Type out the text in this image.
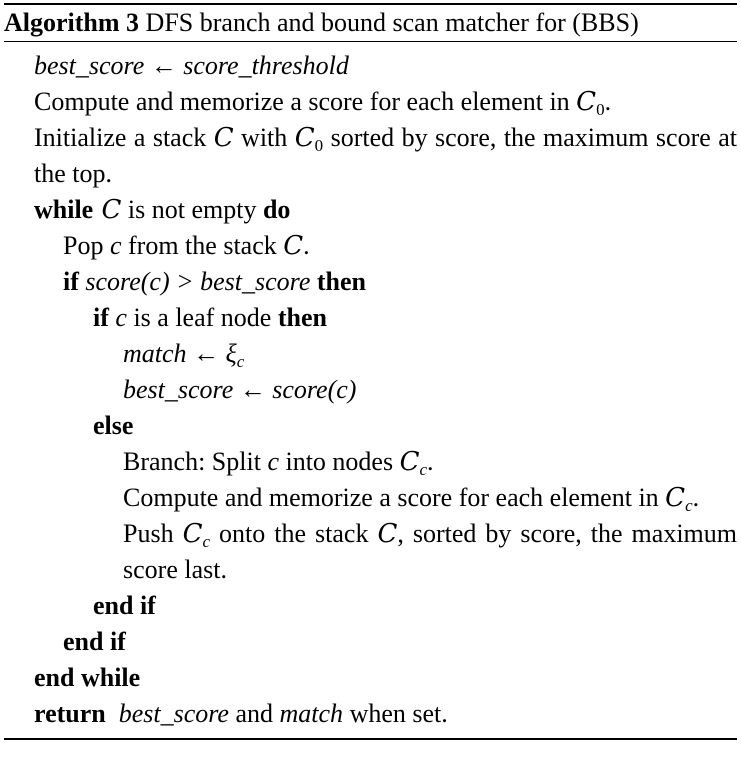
Algorithm 3 DFS branch and bound scan matcher for (BBS)
best_score ← score_threshold
Compute and memorize a score for each element in $C_0$.
Initialize a stack C with $C_0$ sorted by score, the maximum score at the top.
while C is not empty do
Pop c from the stack C.
if score(c) > best_score then
if c is a leaf node then
match ← $\xi_c$
best_score ← score(c)
else
Branch: Split c into nodes $C_c$.
Compute and memorize a score for each element in $C_c$.
Push $C_c$ onto the stack C, sorted by score, the maximum score last.
end if
end if
end while
return best_score and match when set.
